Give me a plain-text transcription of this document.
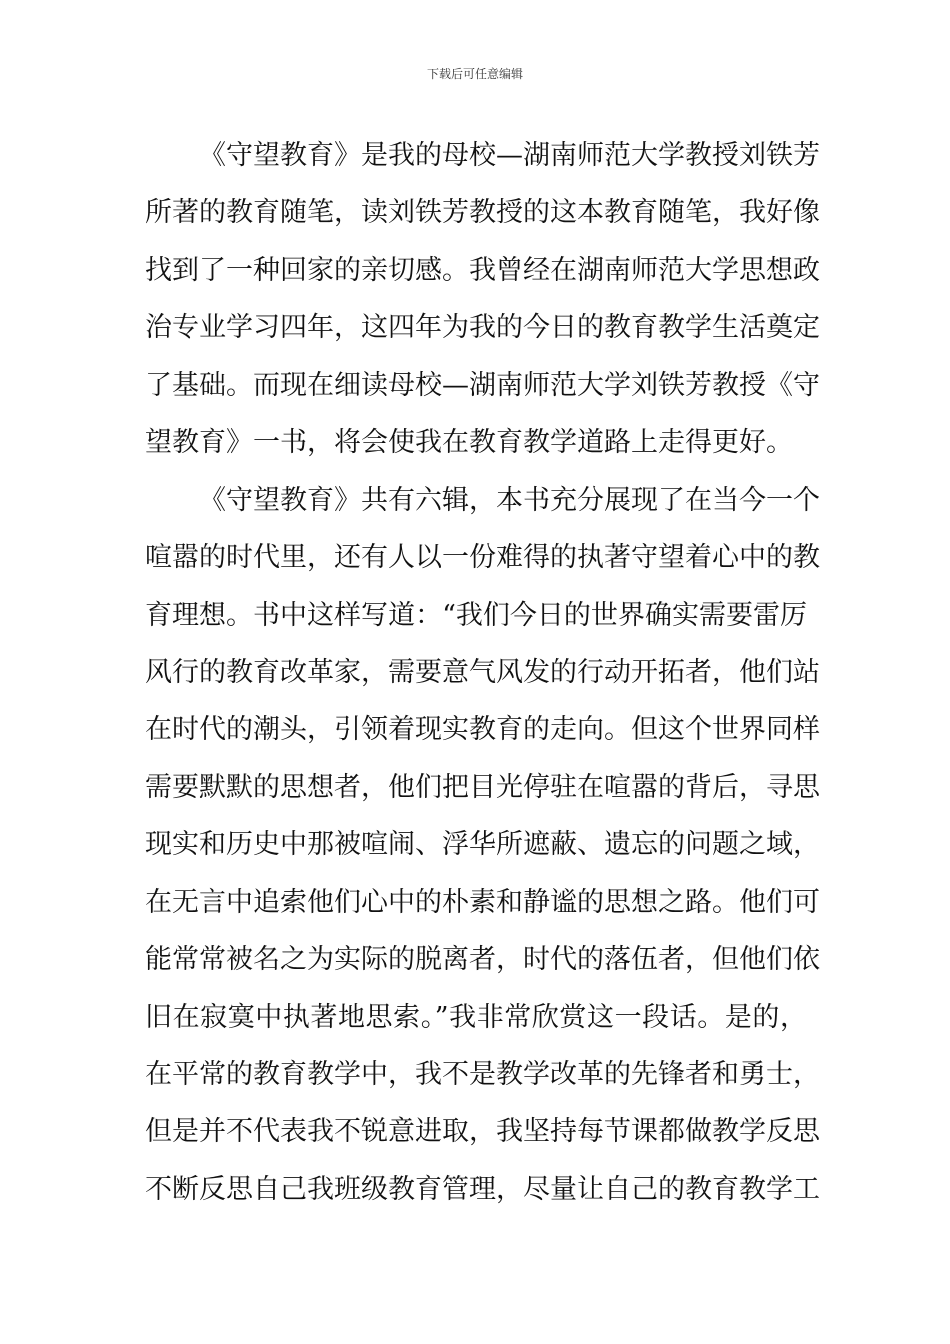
下载后可任意编辑
《守望教育》是我的母校—湖南师范大学教授刘铁芳
所著的教育随笔，读刘铁芳教授的这本教育随笔，我好像
找到了一种回家的亲切感。我曾经在湖南师范大学思想政
治专业学习四年，这四年为我的今日的教育教学生活奠定
了基础。而现在细读母校—湖南师范大学刘铁芳教授《守
望教育》一书，将会使我在教育教学道路上走得更好。
《守望教育》共有六辑，本书充分展现了在当今一个
喧嚣的时代里，还有人以一份难得的执著守望着心中的教
育理想。书中这样写道：“我们今日的世界确实需要雷厉
风行的教育改革家，需要意气风发的行动开拓者，他们站
在时代的潮头，引领着现实教育的走向。但这个世界同样
需要默默的思想者，他们把目光停驻在喧嚣的背后，寻思
现实和历史中那被喧闹、浮华所遮蔽、遗忘的问题之域，
在无言中追索他们心中的朴素和静谧的思想之路。他们可
能常常被名之为实际的脱离者，时代的落伍者，但他们依
旧在寂寞中执著地思索。”我非常欣赏这一段话。是的，
在平常的教育教学中，我不是教学改革的先锋者和勇士，
但是并不代表我不锐意进取，我坚持每节课都做教学反思
不断反思自己我班级教育管理，尽量让自己的教育教学工
